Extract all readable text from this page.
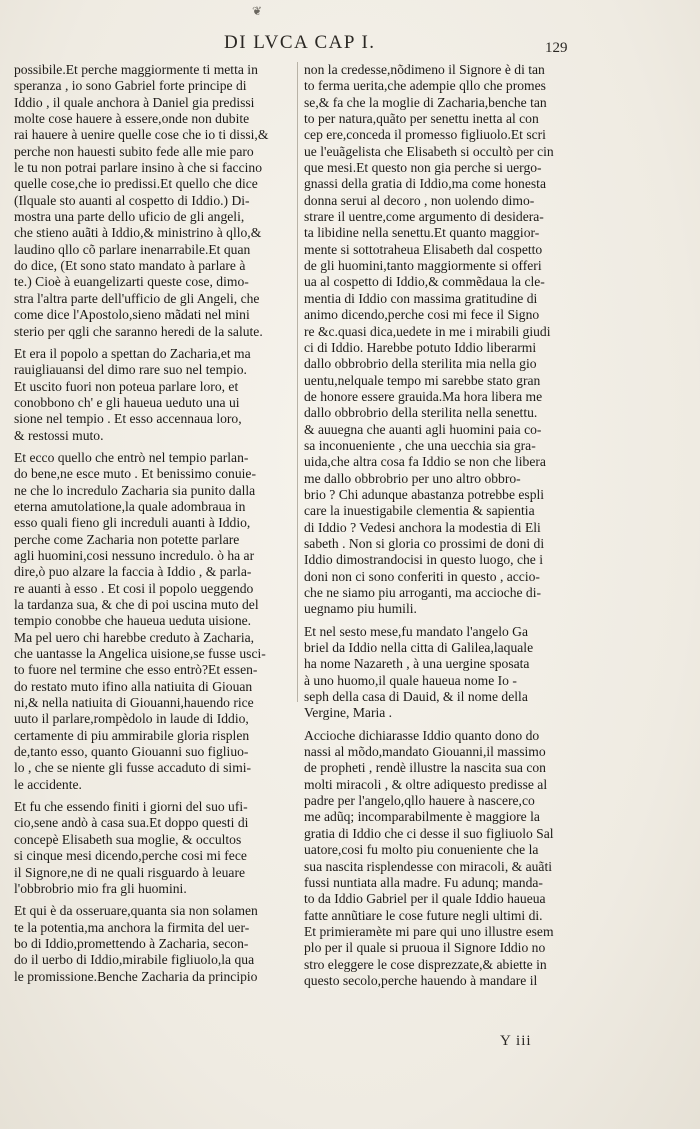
❦
DI LVCA CAP I.	129
possibile.Et perche maggiormente ti metta in
speranza , io sono Gabriel forte principe di
Iddio , il quale anchora à Daniel gia predissi
molte cose hauere à essere,onde non dubite
rai hauere à uenire quelle cose che io ti dissi,&
perche non hauesti subito fede alle mie paro
le tu non potrai parlare insino à che si faccino
quelle cose,che io predissi.Et quello che dice
(Ilquale sto auanti al cospetto di Iddio.) Di-
mostra una parte dello uficio de gli angeli,
che stieno auãti à Iddio,& ministrino à qllo,&
laudino qllo cõ parlare inenarrabile.Et quan
do dice, (Et sono stato mandato à parlare à
te.) Cioè à euangelizarti queste cose, dimo-
stra l'altra parte dell'ufficio de gli Angeli, che
come dice l'Apostolo,sieno mãdati nel mini
sterio per qgli che saranno heredi de la salute.
Et era il popolo a spettan do Zacharia,et ma
rauigliauansi del dimo rare suo nel tempio.
Et uscito fuori non poteua parlare loro, et
conobbono ch' e gli haueua ueduto una ui
sione nel tempio . Et esso accennaua loro,
& restossi muto.
Et ecco quello che entrò nel tempio parlan-
do bene,ne esce muto . Et benissimo conuie-
ne che lo incredulo Zacharia sia punito dalla
eterna amutolatione,la quale adombraua in
esso quali fieno gli increduli auanti à Iddio,
perche come Zacharia non potette parlare
agli huomini,cosi nessuno incredulo. ò ha ar
dire,ò puo alzare la faccia à Iddio , & parla-
re auanti à esso . Et cosi il popolo ueggendo
la tardanza sua, & che di poi uscina muto del
tempio conobbe che haueua ueduta uisione.
Ma pel uero chi harebbe creduto à Zacharia,
che uantasse la Angelica uisione,se fusse usci-
to fuore nel termine che esso entrò?Et essen-
do restato muto ifino alla natiuita di Giouan
ni,& nella natiuita di Giouanni,hauendo rice
uuto il parlare,rompèdolo in laude di Iddio,
certamente di piu ammirabile gloria risplen
de,tanto esso, quanto Giouanni suo figliuo-
lo , che se niente gli fusse accaduto di simi-
le accidente.
Et fu che essendo finiti i giorni del suo ufi-
cio,sene andò à casa sua.Et doppo questi di
concepè Elisabeth sua moglie, & occultos
si cinque mesi dicendo,perche cosi mi fece
il Signore,ne di ne quali risguardo à leuare
l'obbrobrio mio fra gli huomini.
Et qui è da osseruare,quanta sia non solamen
te la potentia,ma anchora la firmita del uer-
bo di Iddio,promettendo à Zacharia, secon-
do il uerbo di Iddio,mirabile figliuolo,la qua
le promissione.Benche Zacharia da principio
non la credesse,nõdimeno il Signore è di tan
to ferma uerita,che adempie qllo che promes
se,& fa che la moglie di Zacharia,benche tan
to per natura,quãto per senettu inetta al con
cep ere,conceda il promesso figliuolo.Et scri
ue l'euãgelista che Elisabeth si occultò per cin
que mesi.Et questo non gia perche si uergo-
gnassi della gratia di Iddio,ma come honesta
donna serui al decoro , non uolendo dimo-
strare il uentre,come argumento di desidera-
ta libidine nella senettu.Et quanto maggior-
mente si sottotraheua Elisabeth dal cospetto
de gli huomini,tanto maggiormente si offeri
ua al cospetto di Iddio,& commẽdaua la cle-
mentia di Iddio con massima gratitudine di
animo dicendo,perche cosi mi fece il Signo
re &c.quasi dica,uedete in me i mirabili giudi
ci di Iddio. Harebbe potuto Iddio liberarmi
dallo obbrobrio della sterilita mia nella gio
uentu,nelquale tempo mi sarebbe stato gran
de honore essere grauida.Ma hora libera me
dallo obbrobrio della sterilita nella senettu.
& auuegna che auanti agli huomini paia co-
sa inconueniente , che una uecchia sia gra-
uida,che altra cosa fa Iddio se non che libera
me dallo obbrobrio per uno altro obbro-
brio ? Chi adunque abastanza potrebbe espli
care la inuestigabile clementia & sapientia
di Iddio ? Vedesi anchora la modestia di Eli
sabeth . Non si gloria co prossimi de doni di
Iddio dimostrandocisi in questo luogo, che i
doni non ci sono conferiti in questo , accio-
che ne siamo piu arroganti, ma accioche di-
uegnamo piu humili.
Et nel sesto mese,fu mandato l'angelo Ga
briel da Iddio nella citta di Galilea,laquale
ha nome Nazareth , à una uergine sposata
à uno huomo,il quale haueua nome Io -
seph della casa di Dauid, & il nome della
Vergine, Maria .
Accioche dichiarasse Iddio quanto dono do
nassi al mõdo,mandato Giouanni,il massimo
de propheti , rendè illustre la nascita sua con
molti miracoli , & oltre adiquesto predisse al
padre per l'angelo,qllo hauere à nascere,co
me adũq; incomparabilmente è maggiore la
gratia di Iddio che ci desse il suo figliuolo Sal
uatore,cosi fu molto piu conueniente che la
sua nascita risplendesse con miracoli, & auãti
fussi nuntiata alla madre. Fu adunq; manda-
to da Iddio Gabriel per il quale Iddio haueua
fatte annũtiare le cose future negli ultimi di.
Et primieramète mi pare qui uno illustre esem
plo per il quale si pruoua il Signore Iddio no
stro eleggere le cose disprezzate,& abiette in
questo secolo,perche hauendo à mandare il
Y iii
